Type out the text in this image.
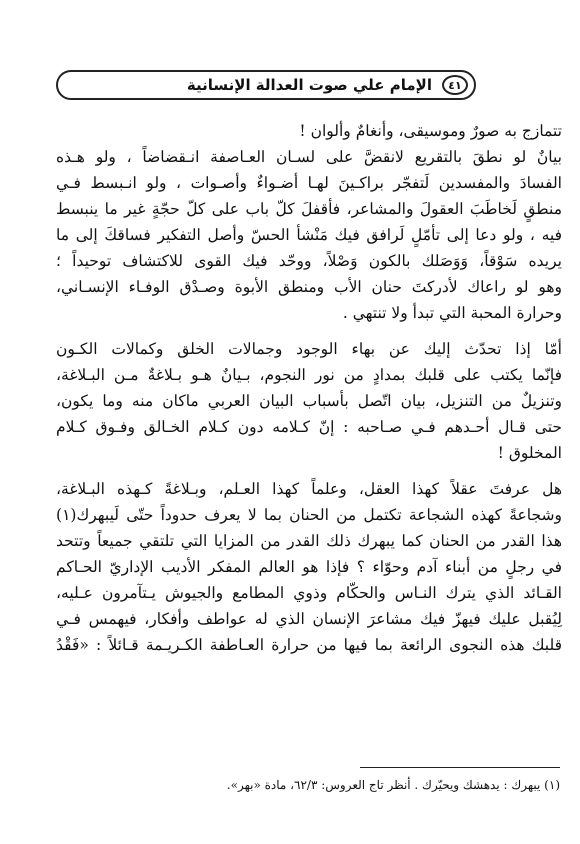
٤١
الإمام علي صوت العدالة الإنسانية
تتمازج به صورٌ وموسيقى، وأنغامٌ وألوان !
بيانٌ لو نطقَ بالتقريع لانقضَّ على لسـان العـاصفة انـقضاضاً ، ولو هـذه
الفسادَ والمفسدين لَتفجّر براكـينَ لهـا أضـواءٌ وأصـوات ، ولو انـبسط فـي
منطقٍ لَخاطَبَ العقولَ والمشاعر، فأقفلَ كلّ باب على كلّ حجّةٍ غير ما ينبسط
فيه ، ولو دعا إلى تأمّلٍ لَرافق فيك مَنْشأ الحسّ وأصل التفكير فساقكَ إلى ما
يريده سَوْقاً، وَوَصَلك بالكون وَصْلاً، ووحّد فيك القوى للاكتشاف توحيداً ؛
وهو لو راعاك لأدركتَ حنان الأب ومنطق الأبوة وصـدْق الوفـاء الإنسـاني،
وحرارة المحبة التي تبدأ ولا تنتهي .
أمّا إذا تحدّث إليك عن بهاء الوجود وجمالات الخلق وكمالات الكـون
فإنّما يكتب على قلبك بمدادٍ من نور النجوم، بـيانٌ هـو بـلاغةٌ مـن البـلاغة،
وتنزيلٌ من التنزيل، بيان اتّصل بأسباب البيان العربي ماكان منه وما يكون،
حتى قـال أحـدهم فـي صـاحبه : إنّ كـلامه دون كـلام الخـالق وفـوق كـلام
المخلوق !
هل عرفتَ عقلاً كهذا العقل، وعلماً كهذا العـلم، وبـلاغةً كـهذه البـلاغة،
وشجاعةً كهذه الشجاعة تكتمل من الحنان بما لا يعرف حدوداً حتّى لَيبهرك(١)
هذا القدر من الحنان كما يبهرك ذلك القدر من المزايا التي تلتقي جميعاً وتتحد
في رجلٍ من أبناء آدم وحوّاء ؟ فإذا هو العالم المفكر الأديب الإداريّ الحـاكم
القـائد الذي يترك النـاس والحكّام وذوي المطامع والجيوش يـتآمرون عـليه،
لِيُقبل عليك فيهزّ فيك مشاعرَ الإنسان الذي له عواطف وأفكار، فيهمس فـي
قلبك هذه النجوى الرائعة بما فيها من حرارة العـاطفة الكـريـمة قـائلاً : «فَقْدُ
(١) يبهرك : يدهشك ويحيّرك . أنظر تاج العروس: ٦٢/٣، مادة «بهر».
